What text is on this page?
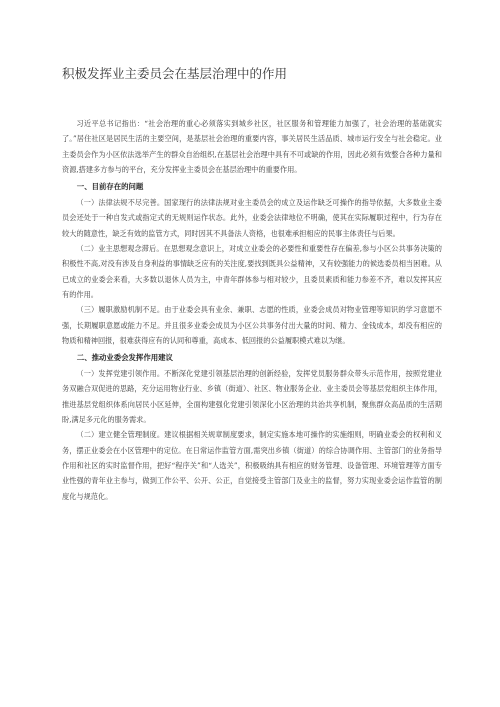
积极发挥业主委员会在基层治理中的作用

习近平总书记指出：“社会治理的重心必须落实到城乡社区，社区服务和管理能力加强了，社会治理的基础就实了。”居住社区是居民生活的主要空间，是基层社会治理的重要内容，事关居民生活品质、城市运行安全与社会稳定。业主委员会作为小区依法选举产生的群众自治组织,在基层社会治理中具有不可或缺的作用，因此必须有效整合各种力量和资源,搭建多方参与的平台，充分发挥业主委员会在基层治理中的重要作用。

一、目前存在的问题

（一）法律法规不尽完善。国家现行的法律法规对业主委员会的成立及运作缺乏可操作的指导依据，大多数业主委员会还处于一种自发式或指定式的无规则运作状态。此外，业委会法律地位不明确，使其在实际履职过程中，行为存在较大的随意性，缺乏有效的监管方式，同时因其不具备法人资格，也很难承担相应的民事主体责任与后果。

（二）业主思想观念滞后。在思想观念意识上，对成立业委会的必要性和重要性存在偏差,参与小区公共事务决策的积极性不高,对没有涉及自身利益的事情缺乏应有的关注度,要找到既具公益精神，又有较强能力的候选委员相当困难。从已成立的业委会来看，大多数以退休人员为主，中青年群体参与相对较少，且委员素质和能力参差不齐，难以发挥其应有的作用。

（三）履职激励机制不足。由于业委会具有业余、兼职、志愿的性质，业委会成员对物业管理等知识的学习意愿不强，长期履职意愿或能力不足。并且很多业委会成员为小区公共事务付出大量的时间、精力、金钱成本，却没有相应的物质和精神回报，很难获得应有的认同和尊重，高成本、低回报的公益履职模式难以为继。

二、推动业委会发挥作用建议

（一）发挥党建引领作用。不断深化党建引领基层治理的创新经验，发挥党员服务群众带头示范作用，按照党建业务双融合双促进的思路，充分运用物业行业、乡镇（街道）、社区、物业服务企业、业主委员会等基层党组织主体作用，推进基层党组织体系向居民小区延伸，全面构建强化党建引领深化小区治理的共治共享机制，聚焦群众高品质的生活期盼,满足多元化的服务需求。

（二）建立健全管理制度。建议根据相关规章制度要求，制定实施本地可操作的实施细则，明确业委会的权利和义务，摆正业委会在小区管理中的定位。在日常运作监管方面,需突出乡镇（街道）的综合协调作用、主管部门的业务指导作用和社区的实时监督作用，把好“程序关”和“人选关”，积极吸纳具有相应的财务管理、设备管理、环境管理等方面专业性强的青年业主参与，做到工作公平、公开、公正，自觉接受主管部门及业主的监督，努力实现业委会运作监管的制度化与规范化。
